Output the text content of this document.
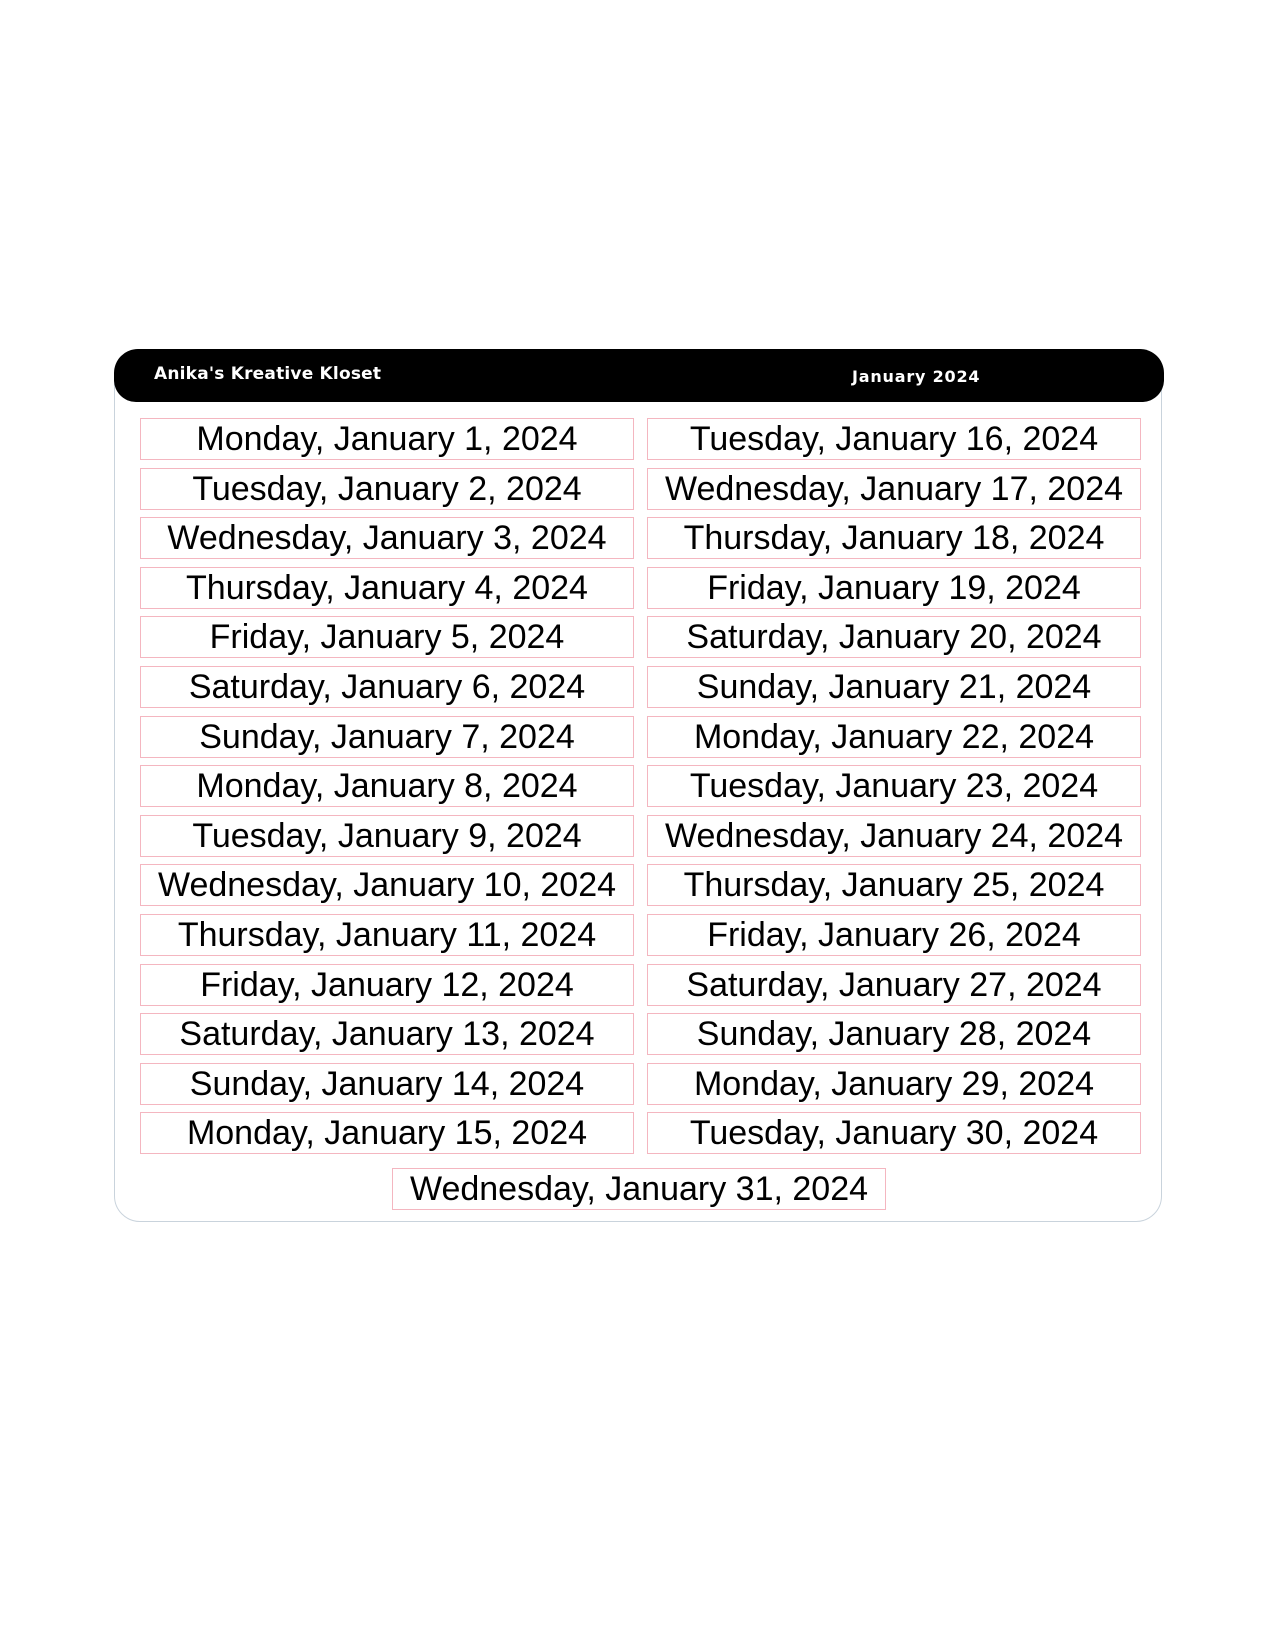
Anika's Kreative Kloset	January 2024
Wednesday, January 31, 2024
Monday, January 1, 2024
Tuesday, January 2, 2024
Wednesday, January 3, 2024
Thursday, January 4, 2024
Friday, January 5, 2024
Saturday, January 6, 2024
Sunday, January 7, 2024
Monday, January 8, 2024
Tuesday, January 9, 2024
Wednesday, January 10, 2024
Thursday, January 11, 2024
Friday, January 12, 2024
Saturday, January 13, 2024
Sunday, January 14, 2024
Monday, January 15, 2024
Tuesday, January 16, 2024
Wednesday, January 17, 2024
Thursday, January 18, 2024
Friday, January 19, 2024
Saturday, January 20, 2024
Sunday, January 21, 2024
Monday, January 22, 2024
Tuesday, January 23, 2024
Wednesday, January 24, 2024
Thursday, January 25, 2024
Friday, January 26, 2024
Saturday, January 27, 2024
Sunday, January 28, 2024
Monday, January 29, 2024
Tuesday, January 30, 2024
